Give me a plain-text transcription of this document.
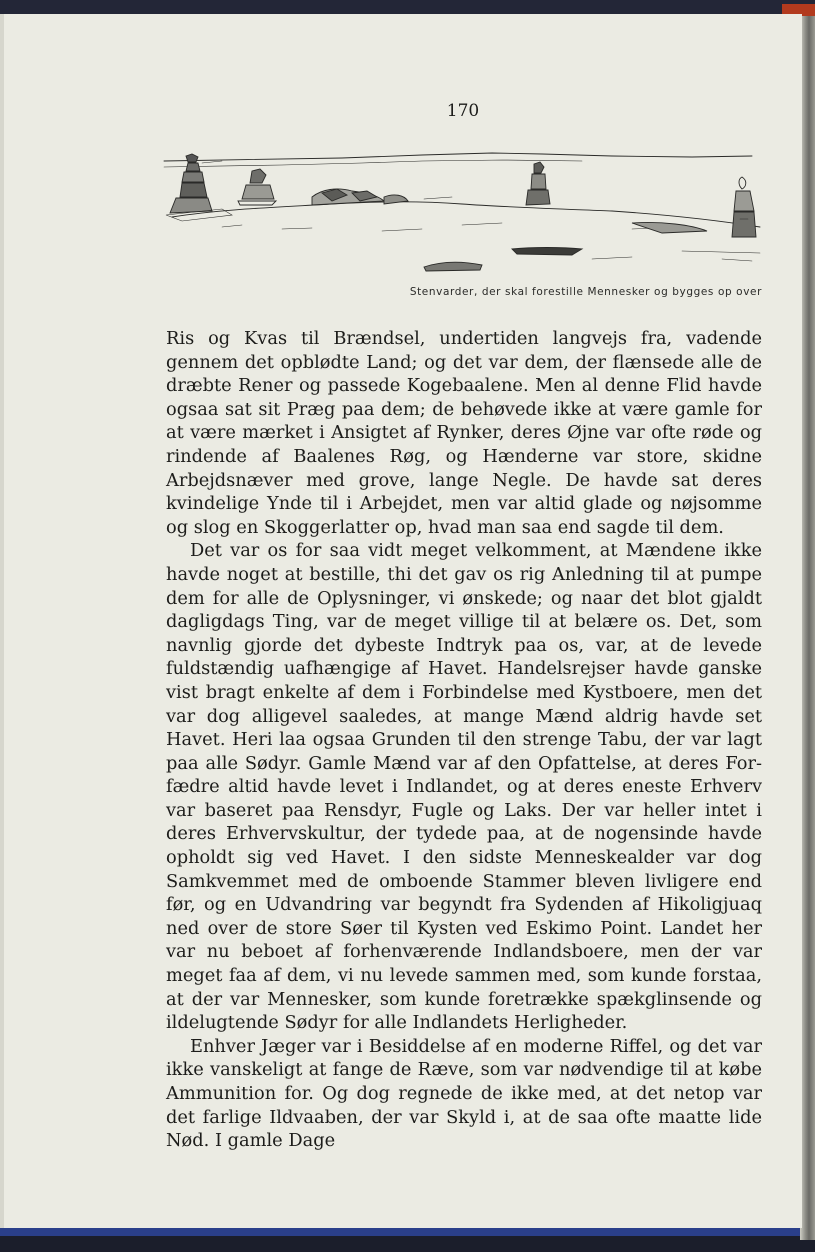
170
Stenvarder, der skal forestille Mennesker og bygges op over

Ris og Kvas til Brændsel, undertiden langvejs fra, vadende gennem det opblødte Land; og det var dem, der flænsede alle de dræbte Rener og passede Kogebaalene. Men al denne Flid havde ogsaa sat sit Præg paa dem; de behøvede ikke at være gamle for at være mærket i Ansigtet af Rynker, deres Øjne var ofte røde og rindende af Baalenes Røg, og Hænderne var store, skidne Arbejdsnæver med grove, lange Negle. De havde sat deres kvindelige Ynde til i Arbejdet, men var altid glade og nøjsomme og slog en Skoggerlatter op, hvad man saa end sagde til dem.

Det var os for saa vidt meget velkomment, at Mændene ikke havde noget at bestille, thi det gav os rig Anledning til at pumpe dem for alle de Oplysninger, vi ønskede; og naar det blot gjaldt dagligdags Ting, var de meget villige til at belære os. Det, som navnlig gjorde det dybeste Indtryk paa os, var, at de levede fuldstændig uafhængige af Havet. Handelsrejser havde ganske vist bragt enkelte af dem i Forbindelse med Kystboere, men det var dog alligevel saaledes, at mange Mænd aldrig havde set Havet. Heri laa ogsaa Grunden til den strenge Tabu, der var lagt paa alle Sødyr. Gamle Mænd var af den Opfattelse, at deres Forfædre altid havde levet i Indlandet, og at deres eneste Erhverv var baseret paa Rensdyr, Fugle og Laks. Der var heller intet i deres Erhvervskultur, der tydede paa, at de nogensinde havde opholdt sig ved Havet. I den sidste Menneskealder var dog Samkvemmet med de omboende Stammer bleven livligere end før, og en Udvandring var begyndt fra Sydenden af Hikoligjuaq ned over de store Søer til Kysten ved Eskimo Point. Landet her var nu beboet af forhenværende Indlandsboere, men der var meget faa af dem, vi nu levede sammen med, som kunde forstaa, at der var Mennesker, som kunde foretrække spækglinsende og ildelugtende Sødyr for alle Indlandets Herligheder.

Enhver Jæger var i Besiddelse af en moderne Riffel, og det var ikke vanskeligt at fange de Ræve, som var nødvendige til at købe Ammunition for. Og dog regnede de ikke med, at det netop var det farlige Ildvaaben, der var Skyld i, at de saa ofte maatte lide Nød. I gamle Dage
